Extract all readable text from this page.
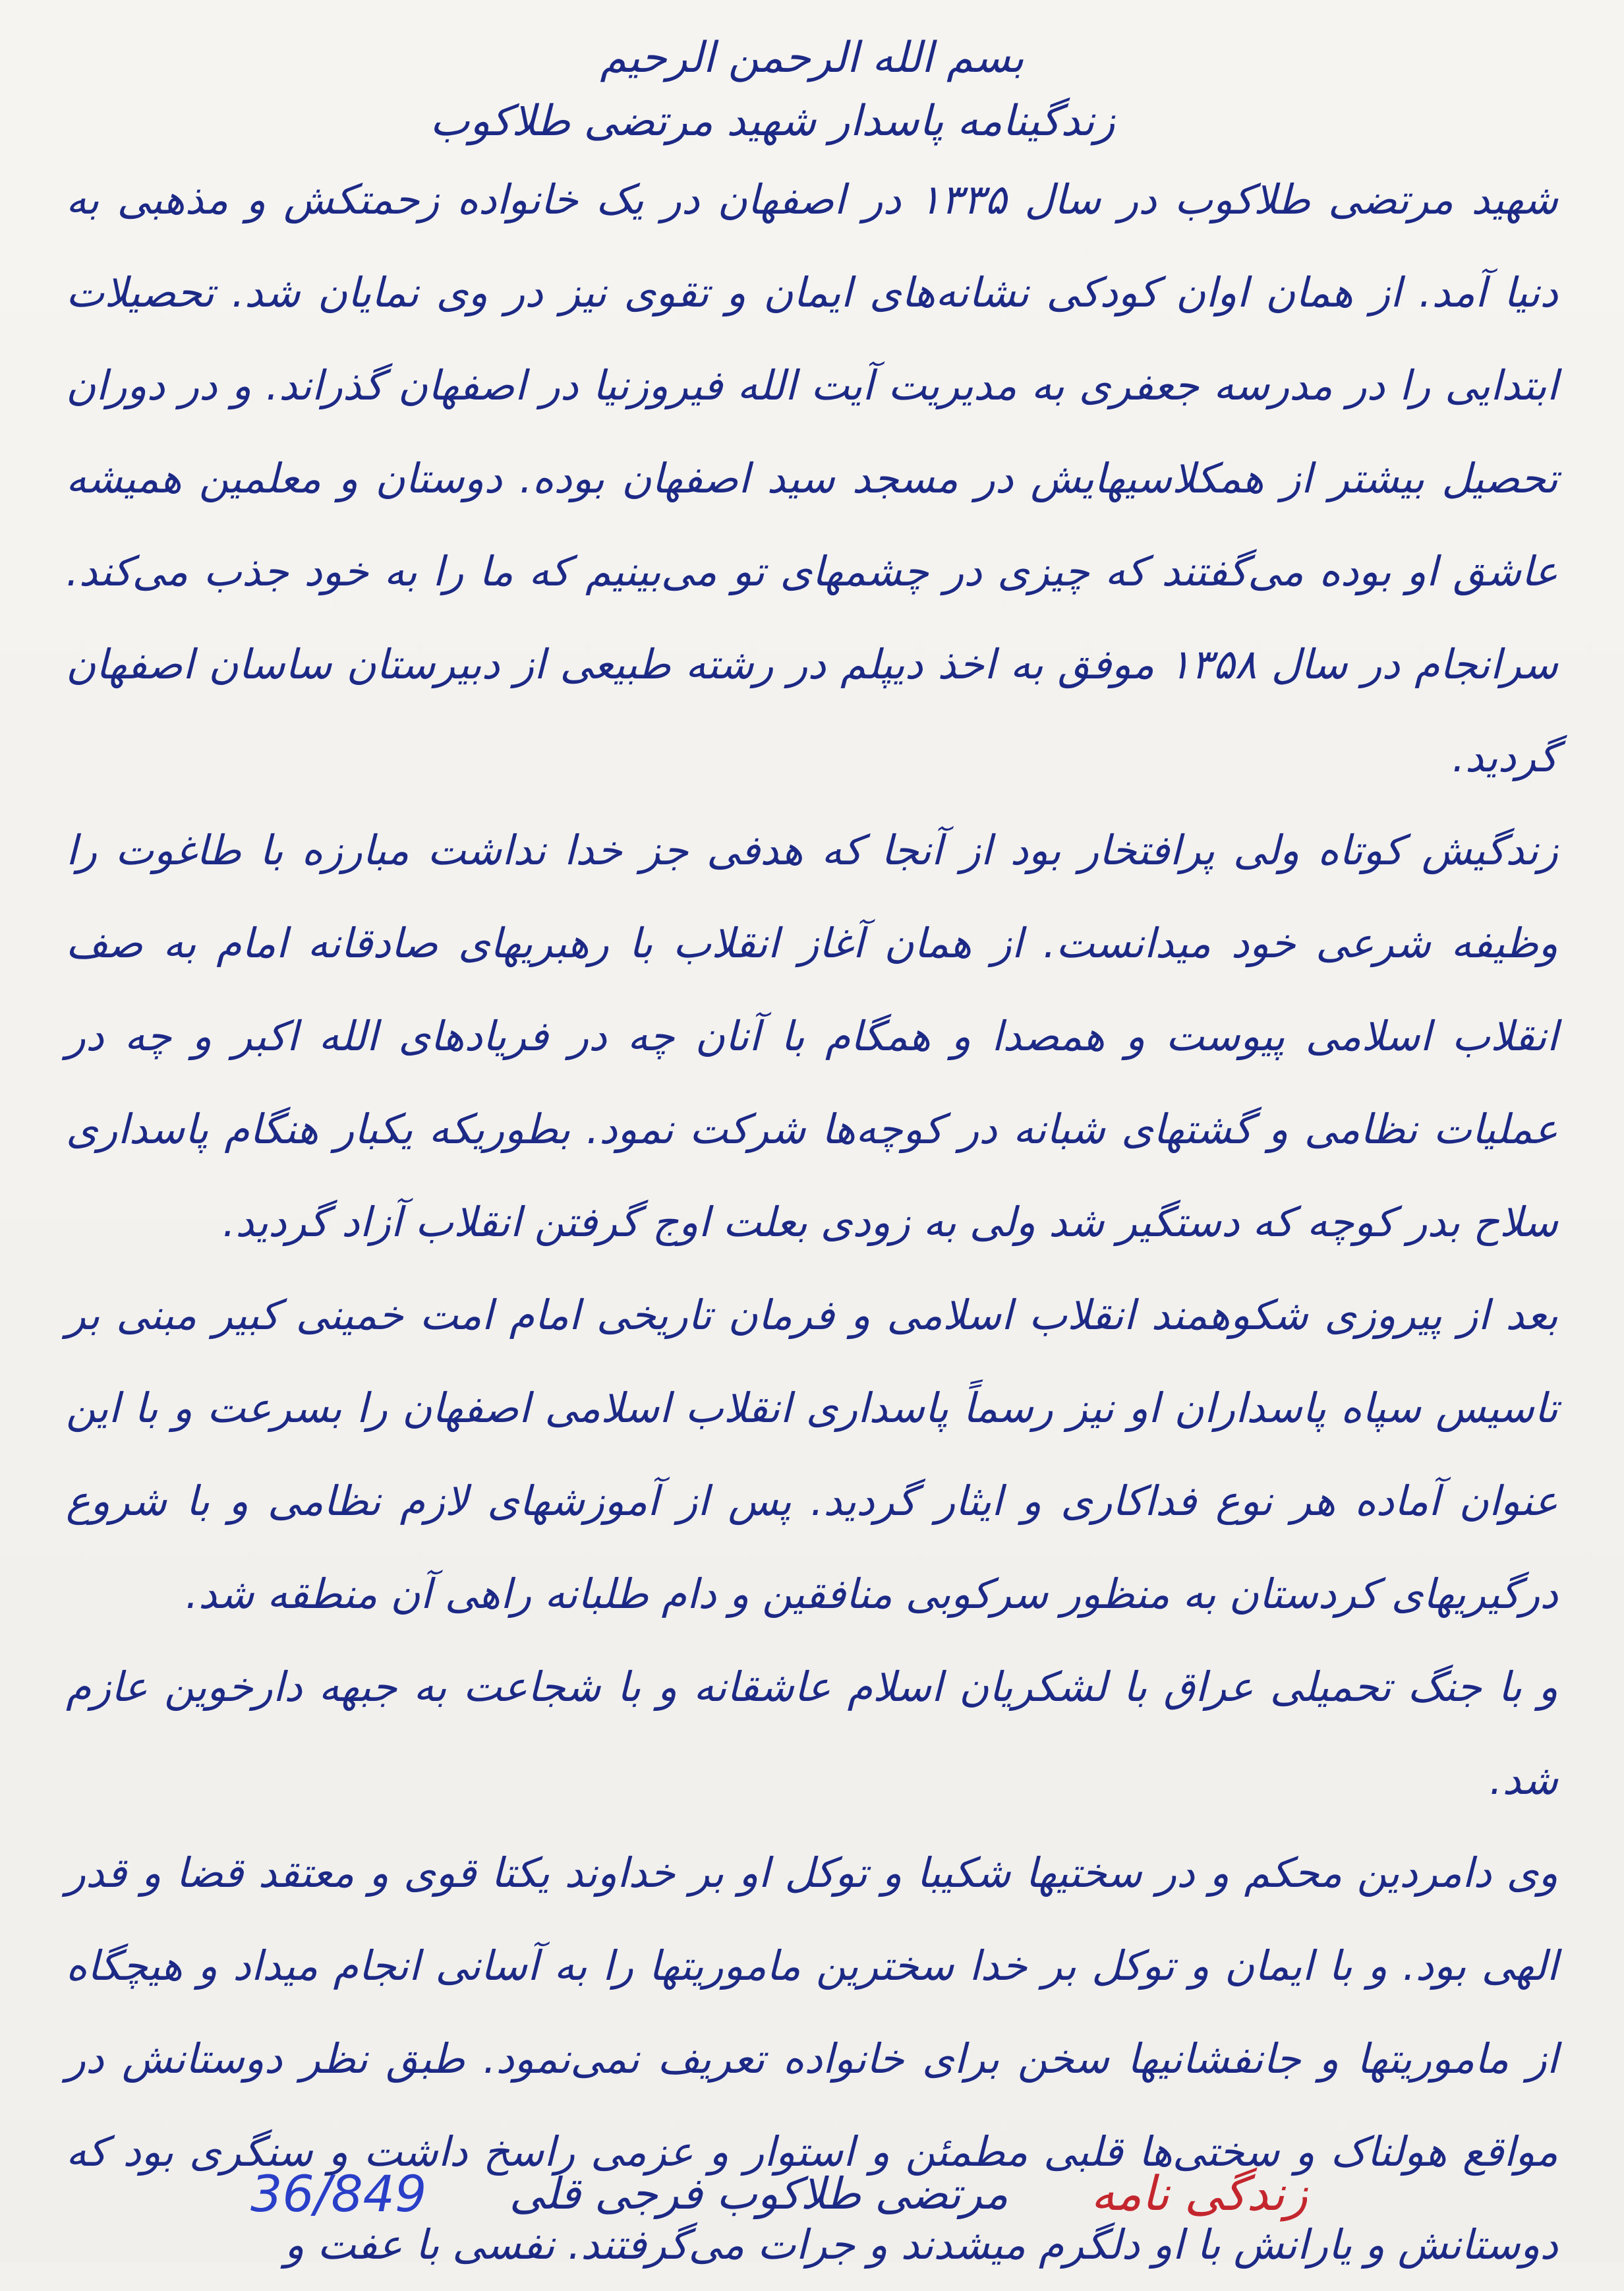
بسم الله الرحمن الرحیم

زندگینامه پاسدار شهید مرتضی طلاکوب

شهید مرتضی طلاکوب در سال ۱۳۳۵ در اصفهان در یک خانواده زحمتکش و مذهبی به دنیا آمد. از همان اوان کودکی نشانه‌های ایمان و تقوی نیز در وی نمایان شد. تحصیلات ابتدایی را در مدرسه جعفری به مدیریت آیت الله فیروزنیا در اصفهان گذراند. و در دوران تحصیل بیشتر از همکلاسیهایش در مسجد سید اصفهان بوده. دوستان و معلمین همیشه عاشق او بوده می‌گفتند که چیزی در چشمهای تو می‌بینیم که ما را به خود جذب می‌کند. سرانجام در سال ۱۳۵۸ موفق به اخذ دیپلم در رشته طبیعی از دبیرستان ساسان اصفهان گردید.

زندگیش کوتاه ولی پرافتخار بود از آنجا که هدفی جز خدا نداشت مبارزه با طاغوت را وظیفه شرعی خود میدانست. از همان آغاز انقلاب با رهبریهای صادقانه امام به صف انقلاب اسلامی پیوست و همصدا و همگام با آنان چه در فریادهای الله اکبر و چه در عملیات نظامی و گشتهای شبانه در کوچه‌ها شرکت نمود. بطوریکه یکبار هنگام پاسداری سلاح بدر کوچه که دستگیر شد ولی به زودی بعلت اوج گرفتن انقلاب آزاد گردید.

بعد از پیروزی شکوهمند انقلاب اسلامی و فرمان تاریخی امام امت خمینی کبیر مبنی بر تاسیس سپاه پاسداران او نیز رسماً پاسداری انقلاب اسلامی اصفهان را بسرعت و با این عنوان آماده هر نوع فداکاری و ایثار گردید. پس از آموزشهای لازم نظامی و با شروع درگیریهای کردستان به منظور سرکوبی منافقین و دام طلبانه راهی آن منطقه شد.

و با جنگ تحمیلی عراق با لشکریان اسلام عاشقانه و با شجاعت به جبهه دارخوین عازم شد.

وی دامردین محکم و در سختیها شکیبا و توکل او بر خداوند یکتا قوی و معتقد قضا و قدر الهی بود. و با ایمان و توکل بر خدا سخترین ماموریتها را به آسانی انجام میداد و هیچگاه از ماموریتها و جانفشانیها سخن برای خانواده تعریف نمی‌نمود. طبق نظر دوستانش در مواقع هولناک و سختی‌ها قلبی مطمئن و استوار و عزمی راسخ داشت و سنگری بود که دوستانش و یارانش با او دلگرم میشدند و جرات می‌گرفتند. نفسی با عفت و

زندگی نامه
مرتضی طلاکوب فرجی قلی
36/849
